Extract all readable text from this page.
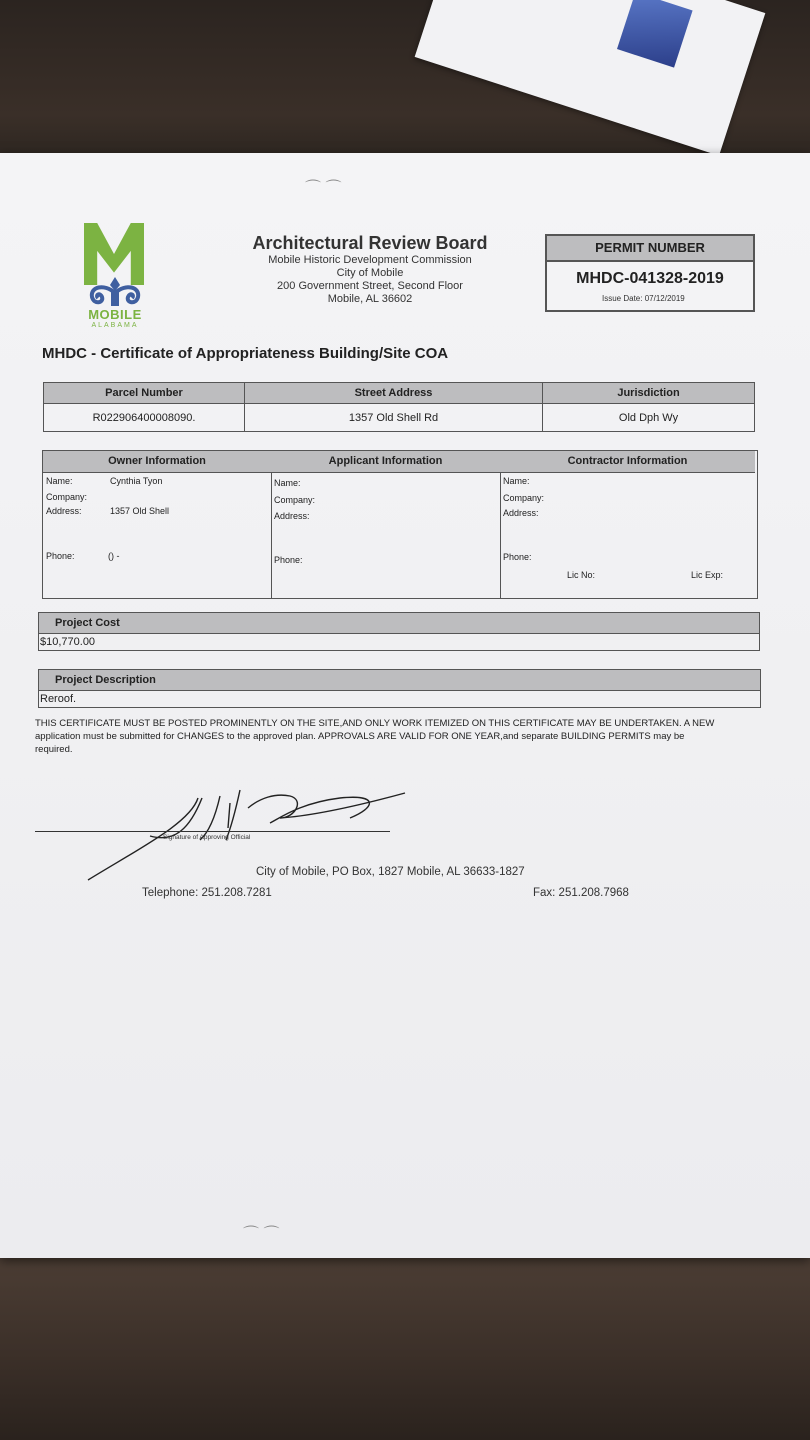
⌒ ⌒
⌒ ⌒
MOBILE
ALABAMA
Architectural Review Board
Mobile Historic Development Commission
City of Mobile
200 Government Street, Second Floor
Mobile, AL 36602
PERMIT NUMBER
MHDC-041328-2019
Issue Date: 07/12/2019
MHDC - Certificate of Appropriateness Building/Site COA
Parcel Number	Street Address	Jurisdiction
R022906400008090.	1357 Old Shell Rd	Old Dph Wy
Owner Information
Name:	Cynthia Tyon
Company:
Address:	1357 Old Shell
Phone:	() -
Applicant Information
Name:
Company:
Address:
Phone:
Contractor Information
Name:
Company:
Address:
Phone:
Lic No:	Lic Exp:
Project Cost
$10,770.00
Project Description
Reroof.
THIS CERTIFICATE MUST BE POSTED PROMINENTLY ON THE SITE,AND ONLY WORK ITEMIZED ON THIS CERTIFICATE MAY BE UNDERTAKEN. A NEW application must be submitted for CHANGES to the approved plan. APPROVALS ARE VALID FOR ONE YEAR,and separate BUILDING PERMITS may be required.
Signature of Approving Official
City of Mobile, PO Box, 1827 Mobile, AL 36633-1827
Telephone: 251.208.7281	Fax: 251.208.7968
